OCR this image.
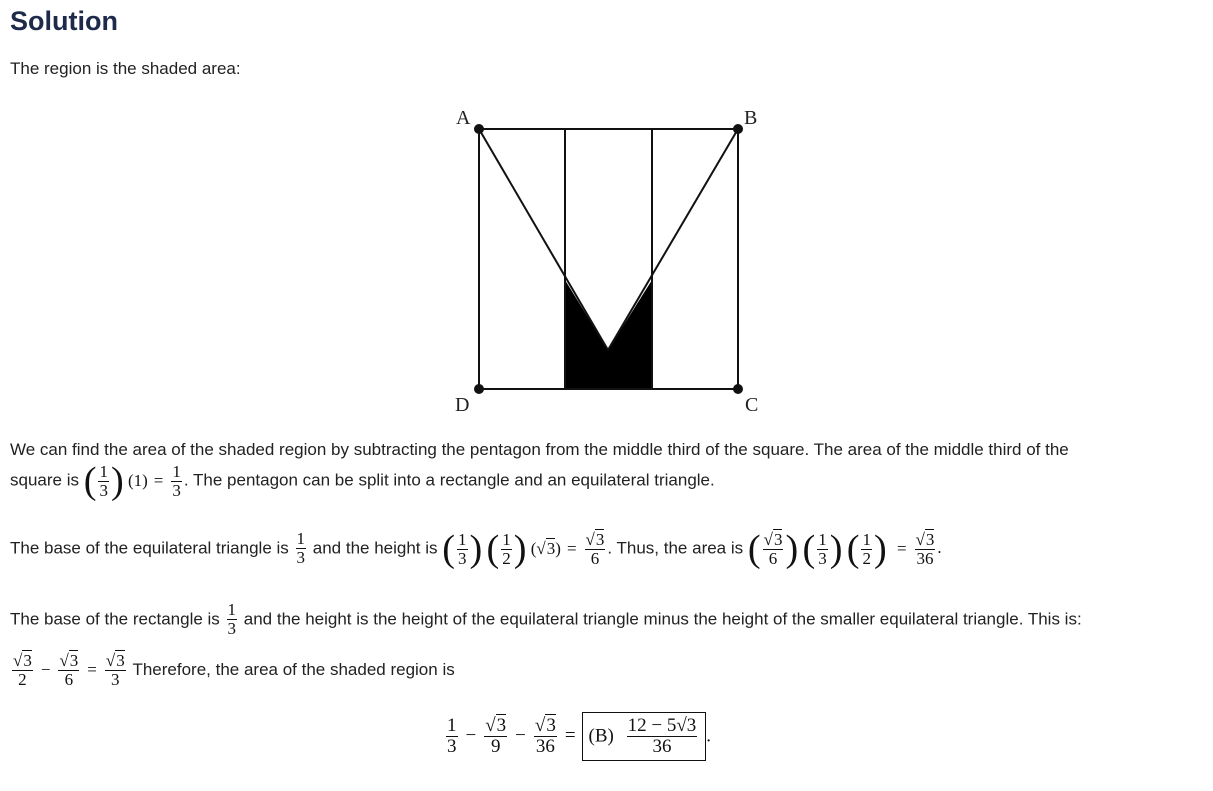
Solution
The region is the shaded area:
A	B
C
D
We can find the area of the shaded region by subtracting the pentagon from the middle third of the square. The area of the middle third of the
square is ( $\frac{1}{3}$ ) $(1) = \frac{1}{3}$ . The pentagon can be split into a rectangle and an equilateral triangle.
The base of the equilateral triangle is $\frac{1}{3}$ and the height is ( $\frac{1}{3}$ ) ( $\frac{1}{2}$ ) $(√3) = \frac{√3}{6}$ . Thus, the area is ( $\frac{√3}{6}$ ) ( $\frac{1}{3}$ ) ( $\frac{1}{2}$ ) = $\frac{√3}{36}$ .
The base of the rectangle is $\frac{1}{3}$ and the height is the height of the equilateral triangle minus the height of the smaller equilateral triangle. This is:
$\frac{√3}{2} - \frac{√3}{6} = \frac{√3}{3}$ Therefore, the area of the shaded region is
$\frac{1}{3} - \frac{√3}{9} - \frac{√3}{36} = (B) \frac{12 - 5√3}{36}$ .
